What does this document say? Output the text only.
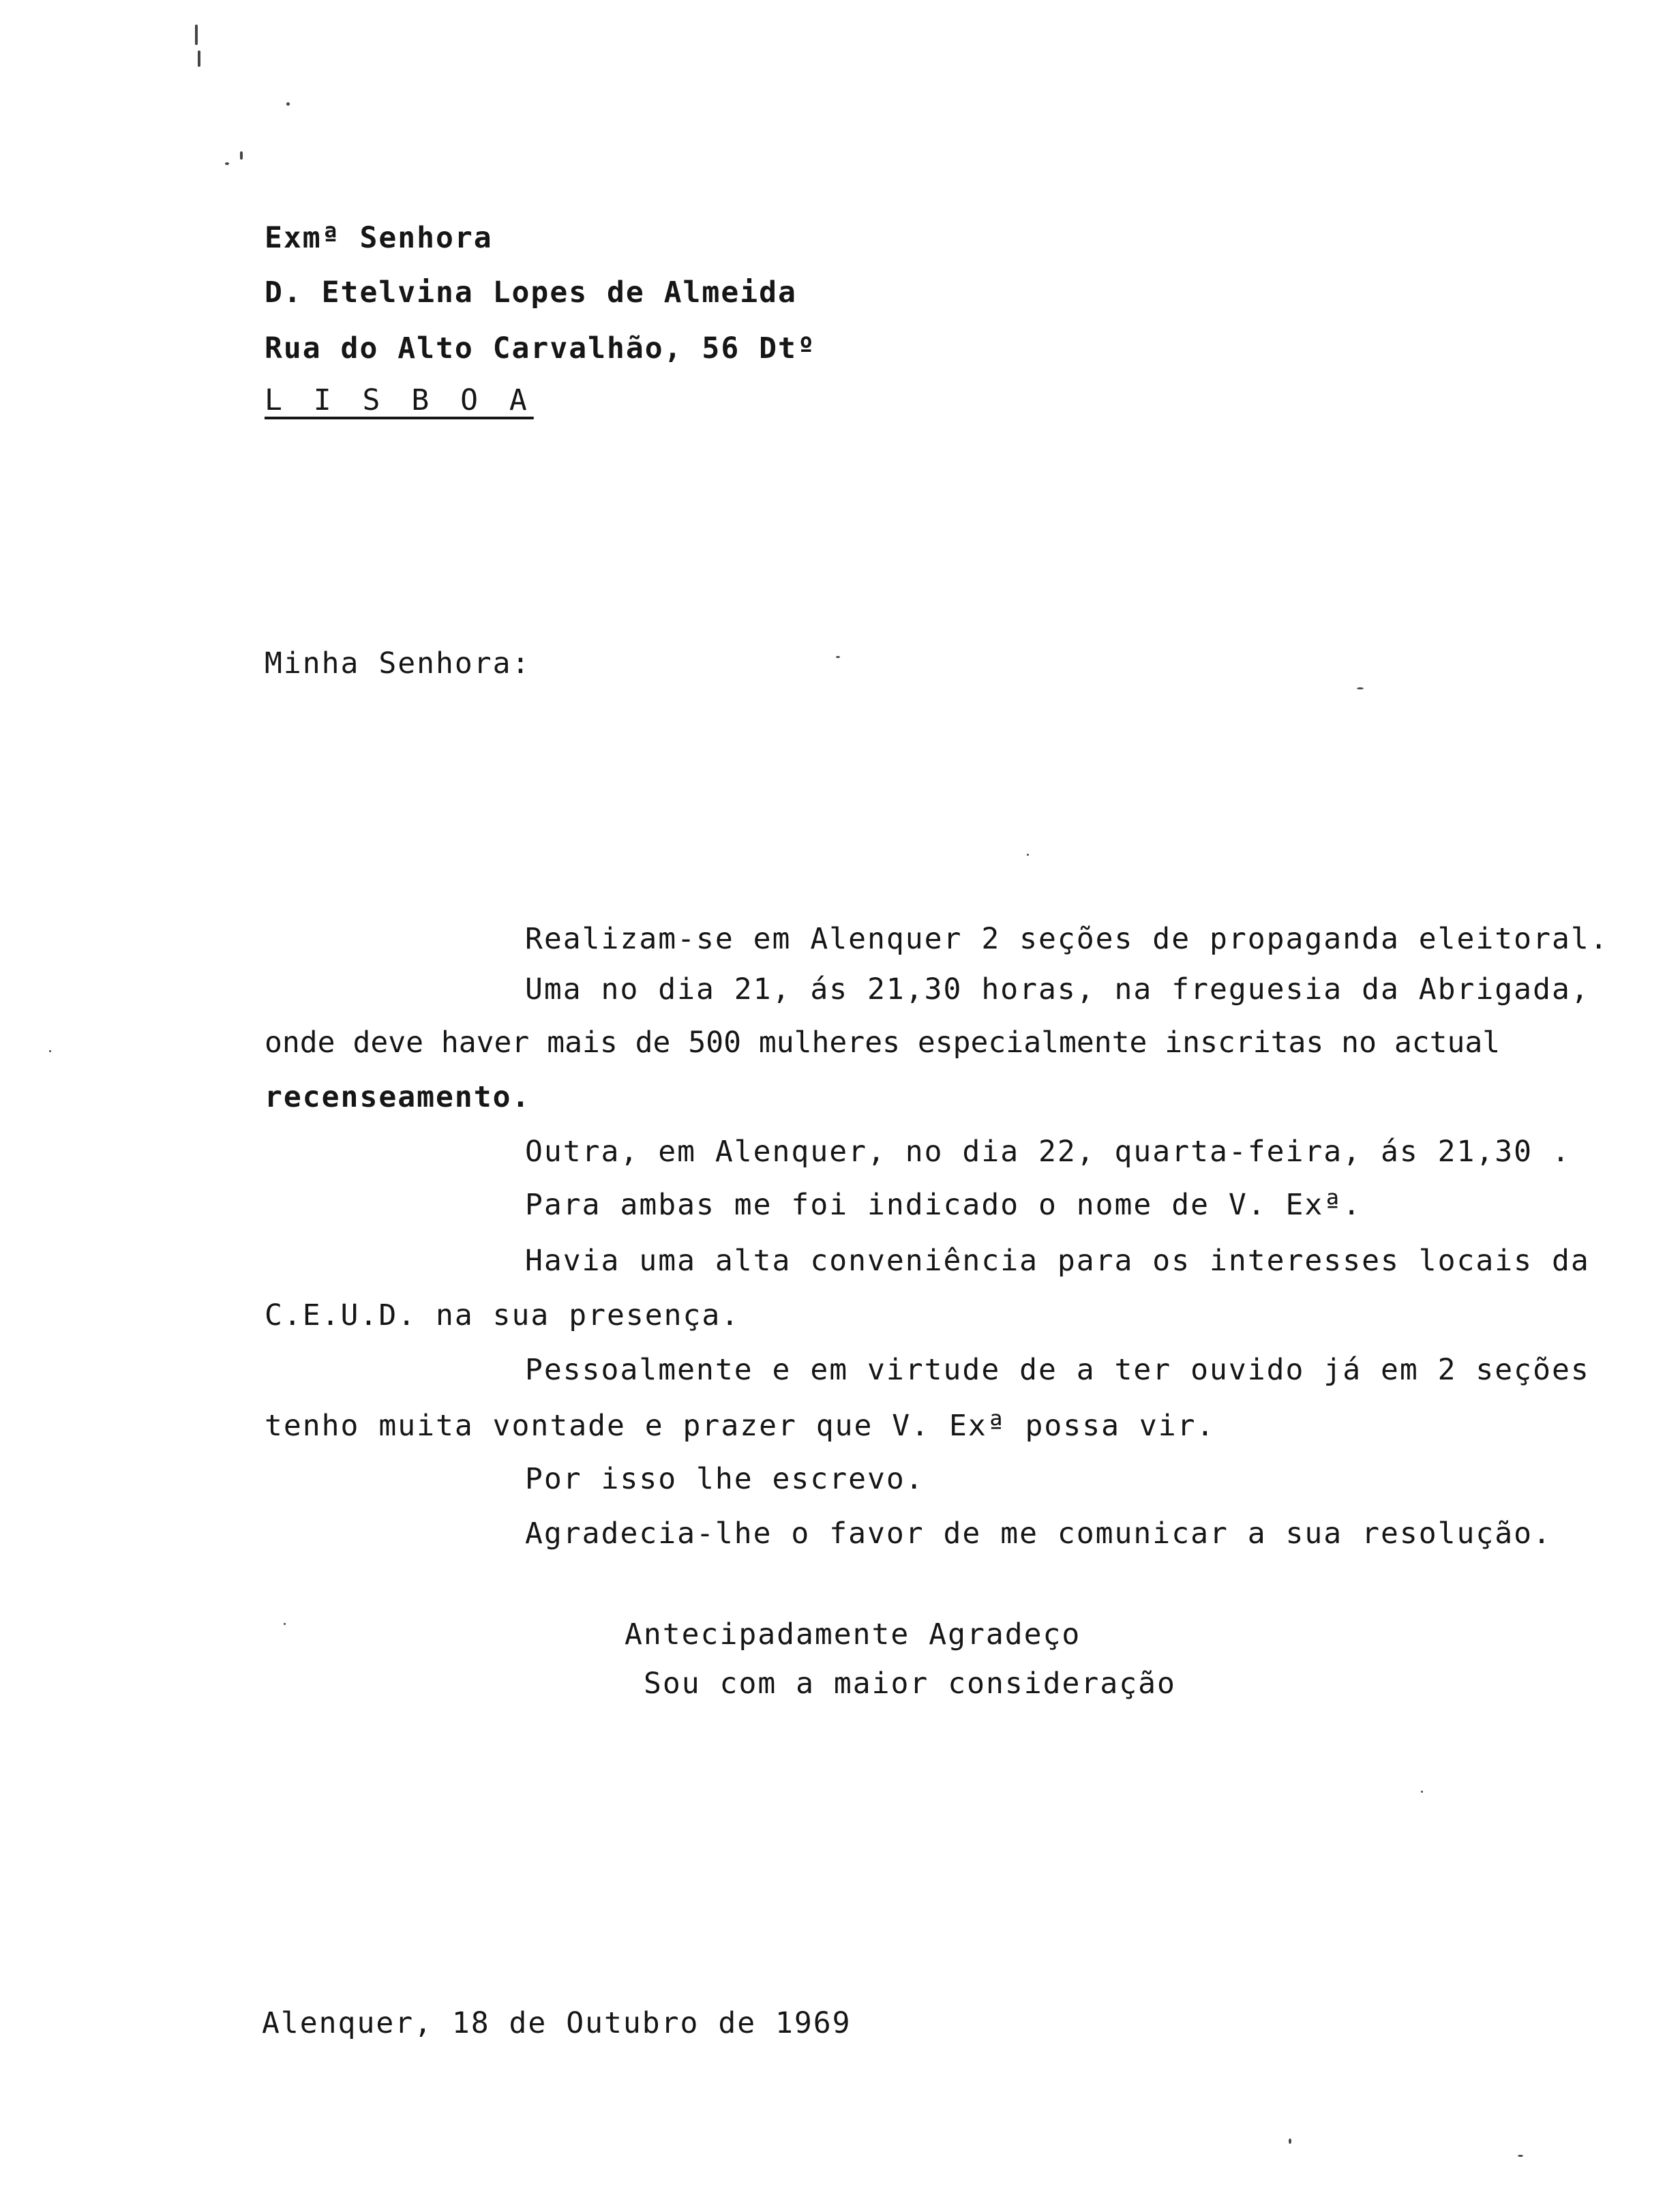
Exmª Senhora
D. Etelvina Lopes de Almeida
Rua do Alto Carvalhão, 56 Dtº
L I S B O A
Minha Senhora:
Realizam-se em Alenquer 2 seções de propaganda eleitoral.
Uma no dia 21, ás 21,30 horas, na freguesia da Abrigada,
onde deve haver mais de 500 mulheres especialmente inscritas no actual
recenseamento.
Outra, em Alenquer, no dia 22, quarta-feira, ás 21,30 .
Para ambas me foi indicado o nome de V. Exª.
Havia uma alta conveniência para os interesses locais da
C.E.U.D. na sua presença.
Pessoalmente e em virtude de a ter ouvido já em 2 seções
tenho muita vontade e prazer que V. Exª possa vir.
Por isso lhe escrevo.
Agradecia-lhe o favor de me comunicar a sua resolução.
Antecipadamente Agradeço
Sou com a maior consideração
Alenquer, 18 de Outubro de 1969
